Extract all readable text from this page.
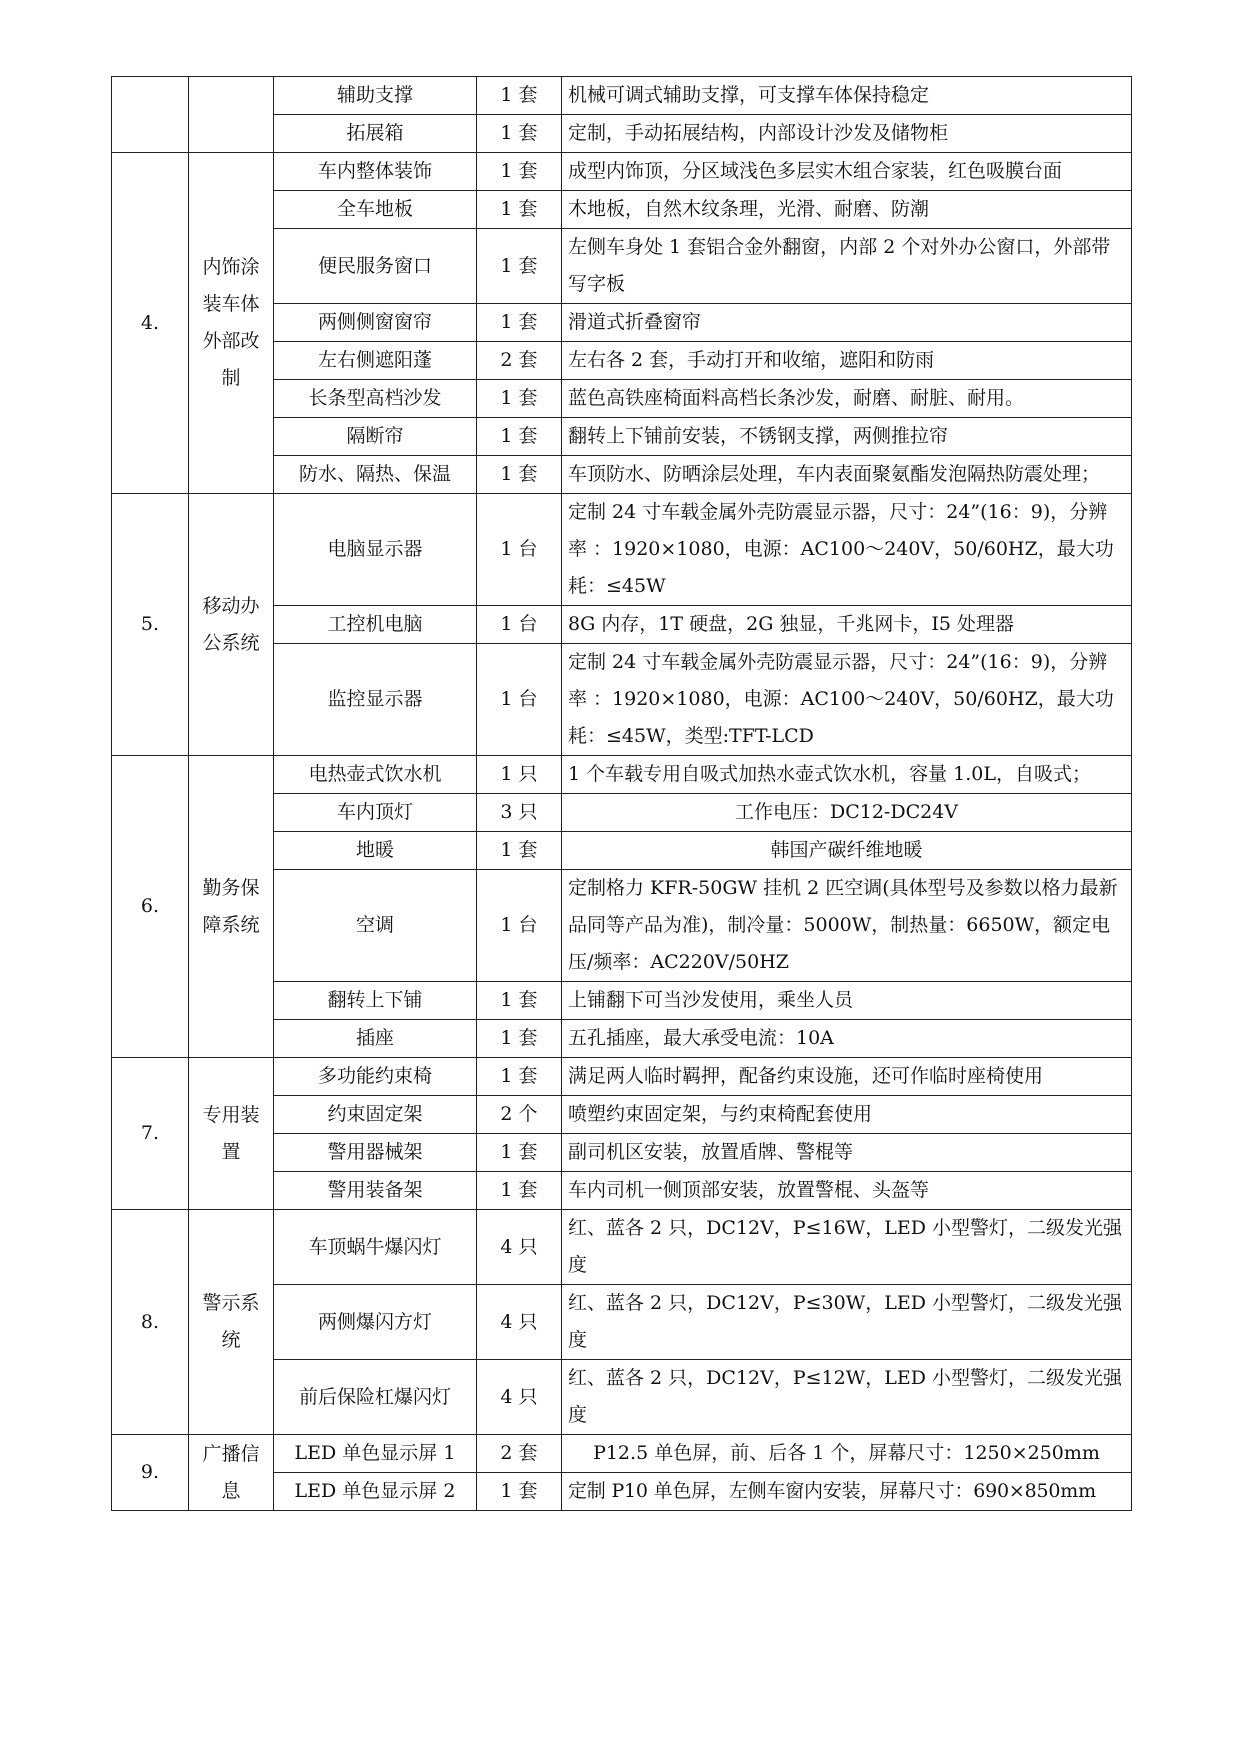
		辅助支撑	1 套	机械可调式辅助支撑，可支撑车体保持稳定
		拓展箱	1 套	定制，手动拓展结构，内部设计沙发及储物柜
4.	内饰涂装车体外部改制	车内整体装饰	1 套	成型内饰顶，分区域浅色多层实木组合家装，红色吸膜台面
		全车地板	1 套	木地板，自然木纹条理，光滑、耐磨、防潮
		便民服务窗口	1 套	左侧车身处 1 套铝合金外翻窗，内部 2 个对外办公窗口，外部带写字板
		两侧侧窗窗帘	1 套	滑道式折叠窗帘
		左右侧遮阳蓬	2 套	左右各 2 套，手动打开和收缩，遮阳和防雨
		长条型高档沙发	1 套	蓝色高铁座椅面料高档长条沙发，耐磨、耐脏、耐用。
		隔断帘	1 套	翻转上下铺前安装，不锈钢支撑，两侧推拉帘
		防水、隔热、保温	1 套	车顶防水、防晒涂层处理，车内表面聚氨酯发泡隔热防震处理；
5.	移动办公系统	电脑显示器	1 台	定制 24 寸车载金属外壳防震显示器，尺寸：24”(16：9)，分辨率 ：1920×1080，电源：AC100～240V，50/60HZ，最大功耗：≤45W
		工控机电脑	1 台	8G 内存，1T 硬盘，2G 独显，千兆网卡，I5 处理器
		监控显示器	1 台	定制 24 寸车载金属外壳防震显示器，尺寸：24”(16：9)，分辨率 ：1920×1080，电源：AC100～240V，50/60HZ，最大功耗：≤45W，类型:TFT-LCD
6.	勤务保障系统	电热壶式饮水机	1 只	1 个车载专用自吸式加热水壶式饮水机，容量 1.0L，自吸式；
		车内顶灯	3 只	工作电压：DC12-DC24V
		地暖	1 套	韩国产碳纤维地暖
		空调	1 台	定制格力 KFR-50GW 挂机 2 匹空调(具体型号及参数以格力最新品同等产品为准)，制冷量：5000W，制热量：6650W，额定电压/频率：AC220V/50HZ
		翻转上下铺	1 套	上铺翻下可当沙发使用，乘坐人员
		插座	1 套	五孔插座，最大承受电流：10A
7.	专用装置	多功能约束椅	1 套	满足两人临时羁押，配备约束设施，还可作临时座椅使用
		约束固定架	2 个	喷塑约束固定架，与约束椅配套使用
		警用器械架	1 套	副司机区安装，放置盾牌、警棍等
		警用装备架	1 套	车内司机一侧顶部安装，放置警棍、头盔等
8.	警示系统	车顶蜗牛爆闪灯	4 只	红、蓝各 2 只，DC12V，P≤16W，LED 小型警灯，二级发光强度
		两侧爆闪方灯	4 只	红、蓝各 2 只，DC12V，P≤30W，LED 小型警灯，二级发光强度
		前后保险杠爆闪灯	4 只	红、蓝各 2 只，DC12V，P≤12W，LED 小型警灯，二级发光强度
9.	广播信息	LED 单色显示屏 1	2 套	P12.5 单色屏，前、后各 1 个，屏幕尺寸：1250×250mm
		LED 单色显示屏 2	1 套	定制 P10 单色屏，左侧车窗内安装，屏幕尺寸：690×850mm
